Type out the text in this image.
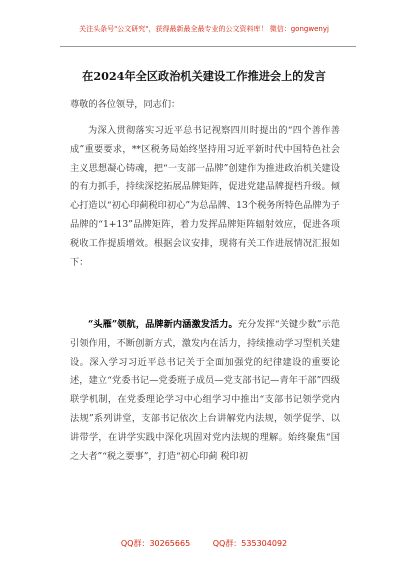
关注头条号"公文研究"，获得最新最全最专业的公文资料库！ 微信：gongwenyj
在2024年全区政治机关建设工作推进会上的发言
尊敬的各位领导，同志们：

为深入贯彻落实习近平总书记视察四川时提出的“四个善作善成”重要要求，**区税务局始终坚持用习近平新时代中国特色社会主义思想凝心铸魂，把“一支部一品牌”创建作为推进政治机关建设的有力抓手，持续深挖拓展品牌矩阵，促进党建品牌提档升级。倾心打造以“初心印蓟税印初心”为总品牌、13个税务所特色品牌为子品牌的“1+13”品牌矩阵，着力发挥品牌矩阵辐射效应，促进各项税收工作提质增效。根据会议安排，现将有关工作进展情况汇报如下：

“头雁”领航，品牌新内涵激发活力。充分发挥“关键少数”示范引领作用，不断创新方式，激发内在活力，持续推动学习型机关建设。深入学习习近平总书记关于全面加强党的纪律建设的重要论述，建立“党委书记—党委班子成员—党支部书记—青年干部”四级联学机制，在党委理论学习中心组学习中推出“支部书记领学党内法规”系列讲堂，支部书记依次上台讲解党内法规，领学促学、以讲带学，在讲学实践中深化巩固对党内法规的理解。始终聚焦“国之大者”“税之要事”，打造“初心印蓟 税印初

QQ群：30265665	QQ群：535304092
